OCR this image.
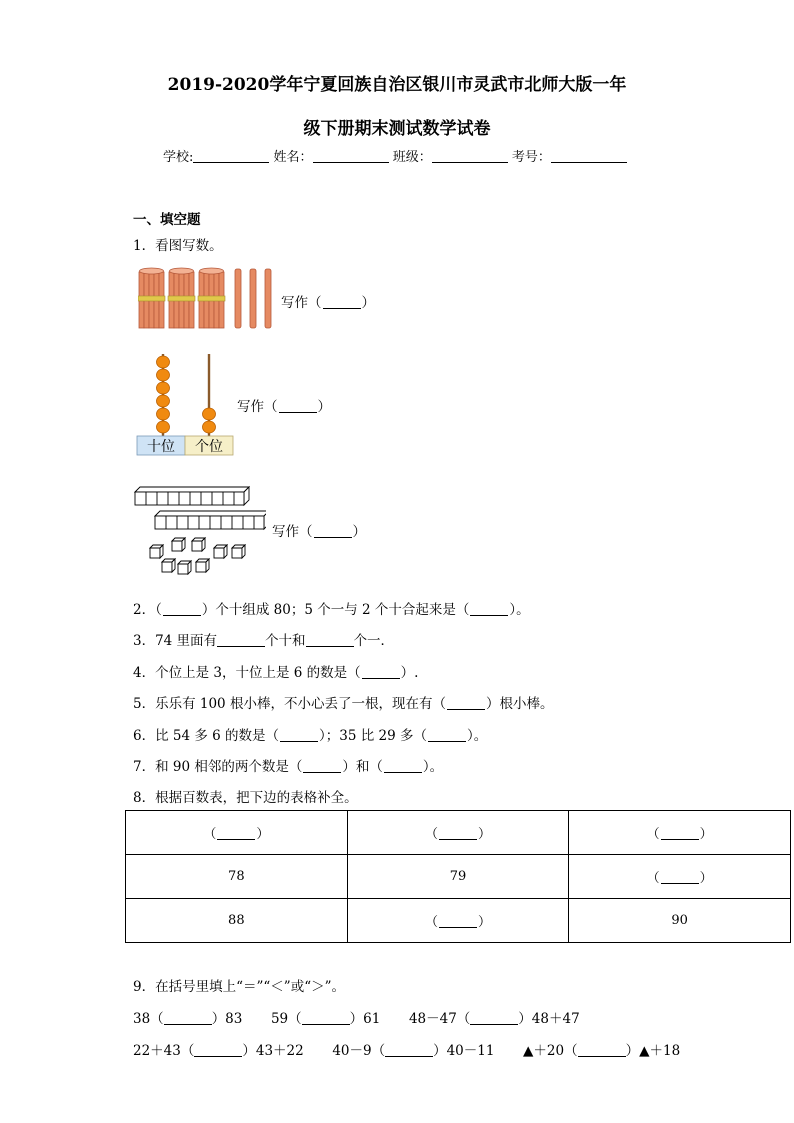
2019-2020学年宁夏回族自治区银川市灵武市北师大版一年
级下册期末测试数学试卷
学校:	姓名：	班级：	考号：
一、填空题
1．看图写数。
写作（	）
十位	个位
写作（	）
写作（	）
2．（	）个十组成 80；5 个一与 2 个十合起来是（	）。
3．74 里面有	个十和	个一．
4．个位上是 3，十位上是 6 的数是（	）.
5．乐乐有 100 根小棒，不小心丢了一根，现在有（	）根小棒。
6．比 54 多 6 的数是（	）；35 比 29 多（	）。
7．和 90 相邻的两个数是（	）和（	）。
8．根据百数表，把下边的表格补全。
（ ）	（ ）	（ ）
78	79	（ ）
88	（ ）	90
9．在括号里填上“＝”“＜”或“＞”。
38（	）83 59（	）61 48－47（	）48＋47
22＋43（	）43＋22 40－9（	）40－11 ▲＋20（	）▲＋18
